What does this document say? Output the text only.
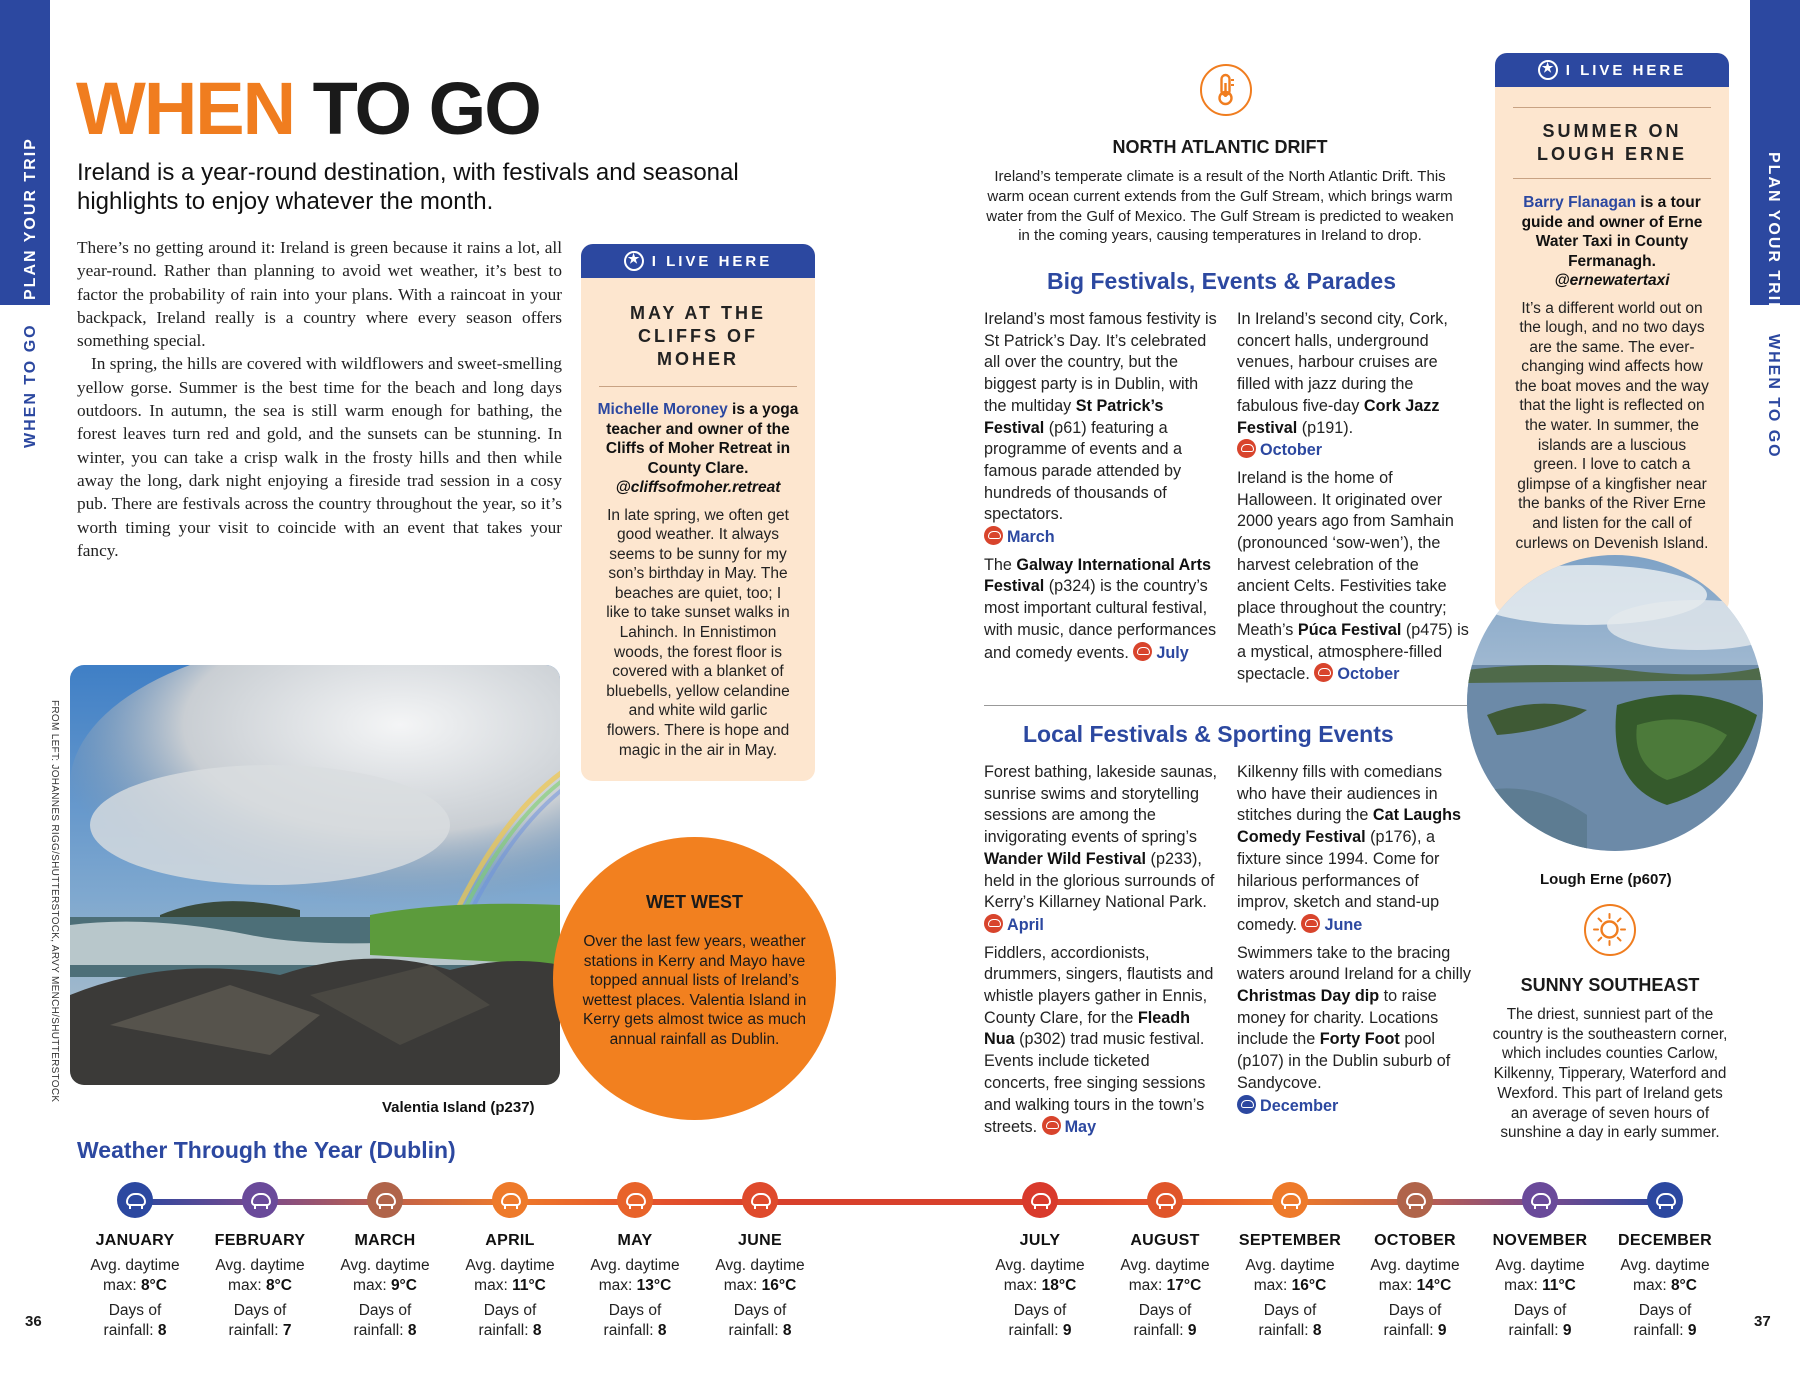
PLAN YOUR TRIP
WHEN TO GO
PLAN YOUR TRIP
WHEN TO GO
36	37
WHEN TO GO
Ireland is a year-round destination, with festivals and seasonal highlights to enjoy whatever the month.

There’s no getting around it: Ireland is green because it rains a lot, all year-round. Rather than planning to avoid wet weather, it’s best to factor the probability of rain into your plans. With a raincoat in your backpack, Ireland really is a country where every season offers something special.

In spring, the hills are covered with wildflowers and sweet-smelling yellow gorse. Summer is the best time for the beach and long days outdoors. In autumn, the sea is still warm enough for bathing, the forest leaves turn red and gold, and the sunsets can be stunning. In winter, you can take a crisp walk in the frosty hills and then while away the long, dark night enjoying a fireside trad session in a cosy pub. There are festivals across the country throughout the year, so it’s worth timing your visit to coincide with an event that takes your fancy.

★
I LIVE HERE
MAY AT THE CLIFFS OF MOHER
Michelle Moroney is a yoga teacher and owner of the Cliffs of Moher Retreat in County Clare.
@cliffsofmoher.retreat
In late spring, we often get good weather. It always seems to be sunny for my son’s birthday in May. The beaches are quiet, too; I like to take sunset walks in Lahinch. In Ennistimon woods, the forest floor is covered with a blanket of bluebells, yellow celandine and white wild garlic flowers. There is hope and magic in the air in May.
FROM LEFT: JOHANNES RIGG/SHUTTERSTOCK, ARVY MENCH/SHUTTERSTOCK
Valentia Island (p237)
WET WEST
Over the last few years, weather stations in Kerry and Mayo have topped annual lists of Ireland’s wettest places. Valentia Island in Kerry gets almost twice as much annual rainfall as Dublin.
NORTH ATLANTIC DRIFT
Ireland’s temperate climate is a result of the North Atlantic Drift. This warm ocean current extends from the Gulf Stream, which brings warm water from the Gulf of Mexico. The Gulf Stream is predicted to weaken in the coming years, causing temperatures in Ireland to drop.
Big Festivals, Events & Parades
Ireland’s most famous festivity is St Patrick’s Day. It’s celebrated all over the country, but the biggest party is in Dublin, with the multiday St Patrick’s Festival (p61) featuring a programme of events and a famous parade attended by hundreds of thousands of spectators.
March
The Galway International Arts Festival (p324) is the country’s most important cultural festival, with music, dance performances and comedy events. July
In Ireland’s second city, Cork, concert halls, underground venues, harbour cruises are filled with jazz during the fabulous five-day Cork Jazz Festival (p191).
October
Ireland is the home of Halloween. It originated over 2000 years ago from Samhain (pronounced ‘sow-wen’), the harvest celebration of the ancient Celts. Festivities take place throughout the country; Meath’s Púca Festival (p475) is a mystical, atmosphere-filled spectacle. October
Local Festivals & Sporting Events
Forest bathing, lakeside saunas, sunrise swims and storytelling sessions are among the invigorating events of spring’s Wander Wild Festival (p233), held in the glorious surrounds of Kerry’s Killarney National Park.
April
Fiddlers, accordionists, drummers, singers, flautists and whistle players gather in Ennis, County Clare, for the Fleadh Nua (p302) trad music festival. Events include ticketed concerts, free singing sessions and walking tours in the town’s streets. May
Kilkenny fills with comedians who have their audiences in stitches during the Cat Laughs Comedy Festival (p176), a fixture since 1994. Come for hilarious performances of improv, sketch and stand-up comedy. June
Swimmers take to the bracing waters around Ireland for a chilly Christmas Day dip to raise money for charity. Locations include the Forty Foot pool (p107) in the Dublin suburb of Sandycove.
December
★
I LIVE HERE
SUMMER ON LOUGH ERNE
Barry Flanagan is a tour guide and owner of Erne Water Taxi in County Fermanagh.
@ernewatertaxi
It’s a different world out on the lough, and no two days are the same. The ever-changing wind affects how the boat moves and the way that the light is reflected on the water. In summer, the islands are a luscious green. I love to catch a glimpse of a kingfisher near the banks of the River Erne and listen for the call of curlews on Devenish Island.
Lough Erne (p607)
SUNNY SOUTHEAST
The driest, sunniest part of the country is the southeastern corner, which includes counties Carlow, Kilkenny, Tipperary, Waterford and Wexford. This part of Ireland gets an average of seven hours of sunshine a day in early summer.
Weather Through the Year (Dublin)
JANUARY
Avg. daytime max: 8°C
Days of rainfall: 8
FEBRUARY
Avg. daytime max: 8°C
Days of rainfall: 7
MARCH
Avg. daytime max: 9°C
Days of rainfall: 8
APRIL
Avg. daytime max: 11°C
Days of rainfall: 8
MAY
Avg. daytime max: 13°C
Days of rainfall: 8
JUNE
Avg. daytime max: 16°C
Days of rainfall: 8
JULY
Avg. daytime max: 18°C
Days of rainfall: 9
AUGUST
Avg. daytime max: 17°C
Days of rainfall: 9
SEPTEMBER
Avg. daytime max: 16°C
Days of rainfall: 8
OCTOBER
Avg. daytime max: 14°C
Days of rainfall: 9
NOVEMBER
Avg. daytime max: 11°C
Days of rainfall: 9
DECEMBER
Avg. daytime max: 8°C
Days of rainfall: 9
